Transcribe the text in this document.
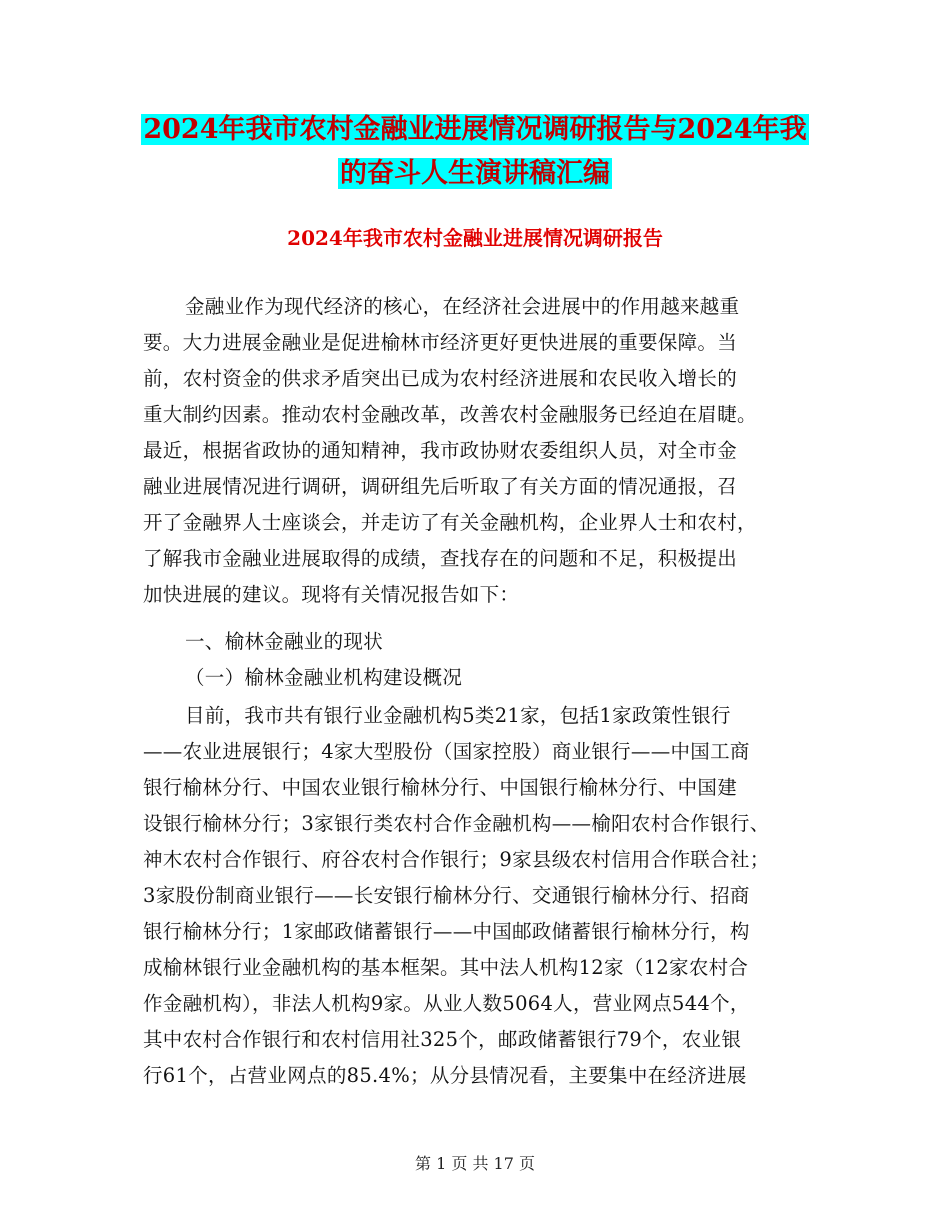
2024年我市农村金融业进展情况调研报告与2024年我
的奋斗人生演讲稿汇编
2024年我市农村金融业进展情况调研报告
金融业作为现代经济的核心，在经济社会进展中的作用越来越重
要。大力进展金融业是促进榆林市经济更好更快进展的重要保障。当
前，农村资金的供求矛盾突出已成为农村经济进展和农民收入增长的
重大制约因素。推动农村金融改革，改善农村金融服务已经迫在眉睫。
最近，根据省政协的通知精神，我市政协财农委组织人员，对全市金
融业进展情况进行调研，调研组先后听取了有关方面的情况通报，召
开了金融界人士座谈会，并走访了有关金融机构，企业界人士和农村，
了解我市金融业进展取得的成绩，查找存在的问题和不足，积极提出
加快进展的建议。现将有关情况报告如下：
一、榆林金融业的现状
（一）榆林金融业机构建设概况
目前，我市共有银行业金融机构5类21家，包括1家政策性银行
——农业进展银行；4家大型股份（国家控股）商业银行——中国工商
银行榆林分行、中国农业银行榆林分行、中国银行榆林分行、中国建
设银行榆林分行；3家银行类农村合作金融机构——榆阳农村合作银行、
神木农村合作银行、府谷农村合作银行；9家县级农村信用合作联合社；
3家股份制商业银行——长安银行榆林分行、交通银行榆林分行、招商
银行榆林分行；1家邮政储蓄银行——中国邮政储蓄银行榆林分行，构
成榆林银行业金融机构的基本框架。其中法人机构12家（12家农村合
作金融机构），非法人机构9家。从业人数5064人，营业网点544个，
其中农村合作银行和农村信用社325个，邮政储蓄银行79个，农业银
行61个，占营业网点的85.4%；从分县情况看，主要集中在经济进展
第 1 页 共 17 页
